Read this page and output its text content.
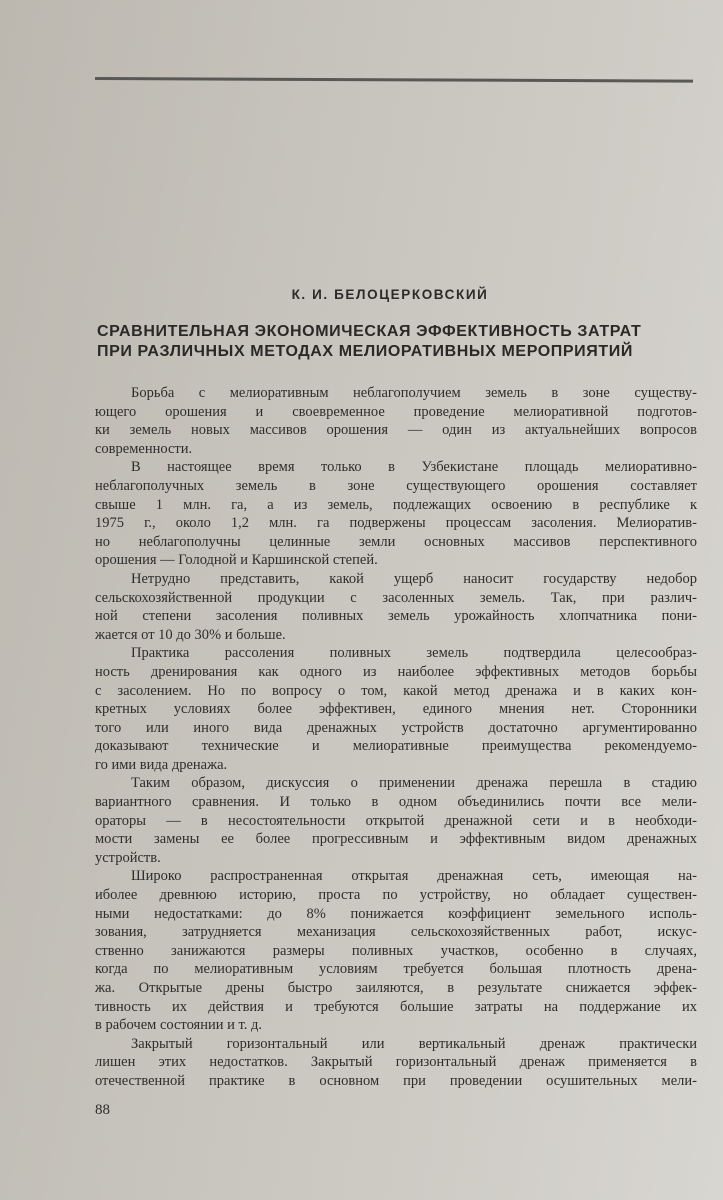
К. И. БЕЛОЦЕРКОВСКИЙ
СРАВНИТЕЛЬНАЯ ЭКОНОМИЧЕСКАЯ ЭФФЕКТИВНОСТЬ ЗАТРАТ
ПРИ РАЗЛИЧНЫХ МЕТОДАХ МЕЛИОРАТИВНЫХ МЕРОПРИЯТИЙ
Борьба с мелиоративным неблагополучием земель в зоне существу-
ющего орошения и своевременное проведение мелиоративной подготов-
ки земель новых массивов орошения — один из актуальнейших вопросов
современности.
В настоящее время только в Узбекистане площадь мелиоративно-
неблагополучных земель в зоне существующего орошения составляет
свыше 1 млн. га, а из земель, подлежащих освоению в республике к
1975 г., около 1,2 млн. га подвержены процессам засоления. Мелиоратив-
но неблагополучны целинные земли основных массивов перспективного
орошения — Голодной и Каршинской степей.
Нетрудно представить, какой ущерб наносит государству недобор
сельскохозяйственной продукции с засоленных земель. Так, при различ-
ной степени засоления поливных земель урожайность хлопчатника пони-
жается от 10 до 30% и больше.
Практика рассоления поливных земель подтвердила целесообраз-
ность дренирования как одного из наиболее эффективных методов борьбы
с засолением. Но по вопросу о том, какой метод дренажа и в каких кон-
кретных условиях более эффективен, единого мнения нет. Сторонники
того или иного вида дренажных устройств достаточно аргументированно
доказывают технические и мелиоративные преимущества рекомендуемо-
го ими вида дренажа.
Таким образом, дискуссия о применении дренажа перешла в стадию
вариантного сравнения. И только в одном объединились почти все мели-
ораторы — в несостоятельности открытой дренажной сети и в необходи-
мости замены ее более прогрессивным и эффективным видом дренажных
устройств.
Широко распространенная открытая дренажная сеть, имеющая на-
иболее древнюю историю, проста по устройству, но обладает существен-
ными недостатками: до 8% понижается коэффициент земельного исполь-
зования, затрудняется механизация сельскохозяйственных работ, искус-
ственно занижаются размеры поливных участков, особенно в случаях,
когда по мелиоративным условиям требуется большая плотность дрена-
жа. Открытые дрены быстро заиляются, в результате снижается эффек-
тивность их действия и требуются большие затраты на поддержание их
в рабочем состоянии и т. д.
Закрытый горизонтальный или вертикальный дренаж практически
лишен этих недостатков. Закрытый горизонтальный дренаж применяется в
отечественной практике в основном при проведении осушительных мели-
88
